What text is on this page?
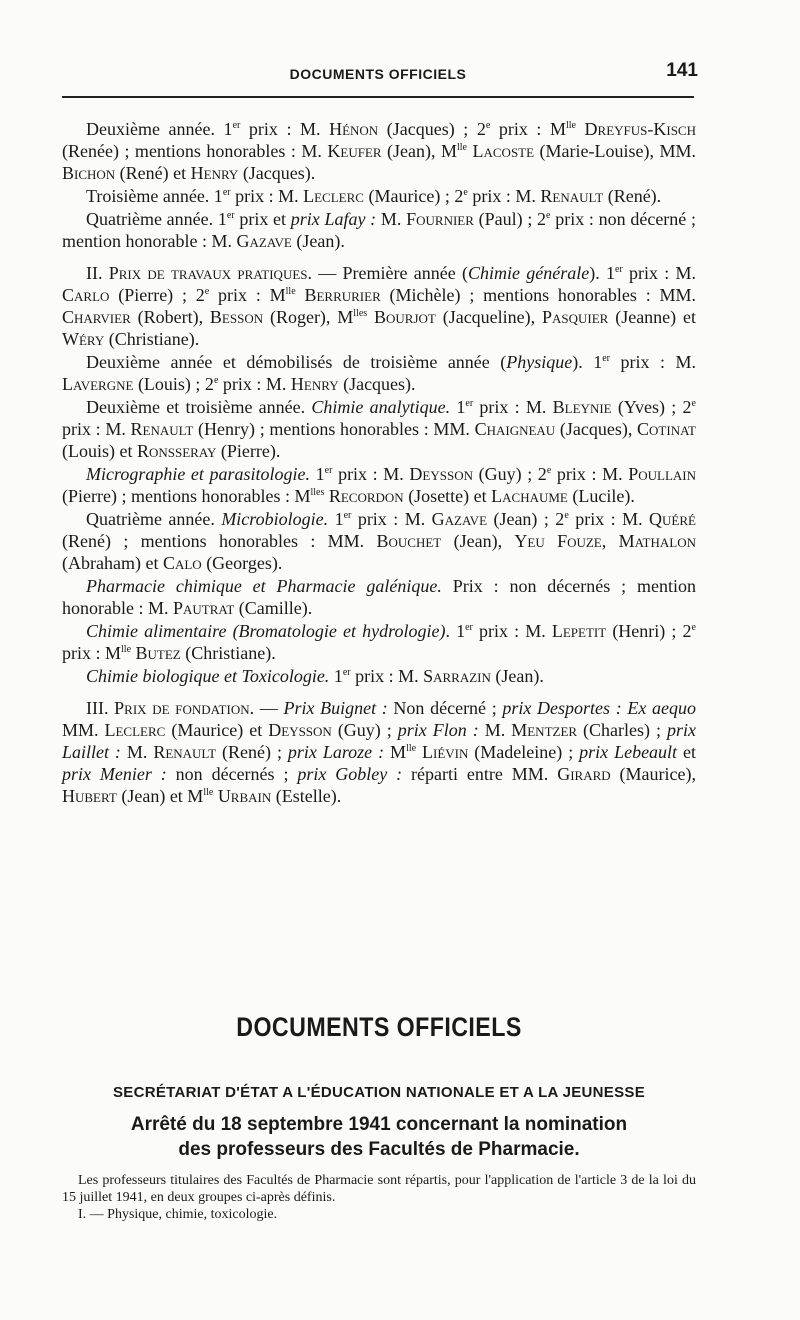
DOCUMENTS OFFICIELS	141

Deuxième année. 1er prix : M. Hénon (Jacques) ; 2e prix : $M^{lle}$ Dreyfus-Kisch (Renée) ; mentions honorables : M. Keufer (Jean), $M^{lle}$ Lacoste (Marie-Louise), MM. Bichon (René) et Henry (Jacques).

Troisième année. 1er prix : M. Leclerc (Maurice) ; 2e prix : M. Renault (René).

Quatrième année. 1er prix et prix Lafay : M. Fournier (Paul) ; 2e prix : non décerné ; mention honorable : M. Gazave (Jean).

II. Prix de travaux pratiques. — Première année (Chimie générale). 1er prix : M. Carlo (Pierre) ; 2e prix : $M^{lle}$ Berrurier (Michèle) ; mentions honorables : MM. Charvier (Robert), Besson (Roger), $M^{lles}$ Bourjot (Jacqueline), Pasquier (Jeanne) et Wéry (Christiane).

Deuxième année et démobilisés de troisième année (Physique). 1er prix : M. Lavergne (Louis) ; 2e prix : M. Henry (Jacques).

Deuxième et troisième année. Chimie analytique. 1er prix : M. Bleynie (Yves) ; 2e prix : M. Renault (Henry) ; mentions honorables : MM. Chaigneau (Jacques), Cotinat (Louis) et Ronsseray (Pierre).

Micrographie et parasitologie. 1er prix : M. Deysson (Guy) ; 2e prix : M. Poullain (Pierre) ; mentions honorables : $M^{lles}$ Recordon (Josette) et Lachaume (Lucile).

Quatrième année. Microbiologie. 1er prix : M. Gazave (Jean) ; 2e prix : M. Quéré (René) ; mentions honorables : MM. Bouchet (Jean), Yeu Fouze, Mathalon (Abraham) et Calo (Georges).

Pharmacie chimique et Pharmacie galénique. Prix : non décernés ; mention honorable : M. Pautrat (Camille).

Chimie alimentaire (Bromatologie et hydrologie). 1er prix : M. Lepetit (Henri) ; 2e prix : $M^{lle}$ Butez (Christiane).

Chimie biologique et Toxicologie. 1er prix : M. Sarrazin (Jean).

III. Prix de fondation. — Prix Buignet : Non décerné ; prix Desportes : Ex aequo MM. Leclerc (Maurice) et Deysson (Guy) ; prix Flon : M. Mentzer (Charles) ; prix Laillet : M. Renault (René) ; prix Laroze : $M^{lle}$ Liévin (Madeleine) ; prix Lebeault et prix Menier : non décernés ; prix Gobley : réparti entre MM. Girard (Maurice), Hubert (Jean) et $M^{lle}$ Urbain (Estelle).

DOCUMENTS OFFICIELS
SECRÉTARIAT D'ÉTAT A L'ÉDUCATION NATIONALE ET A LA JEUNESSE
Arrêté du 18 septembre 1941 concernant la nomination
des professeurs des Facultés de Pharmacie.

Les professeurs titulaires des Facultés de Pharmacie sont répartis, pour l'application de l'article 3 de la loi du 15 juillet 1941, en deux groupes ci-après définis.

I. — Physique, chimie, toxicologie.
